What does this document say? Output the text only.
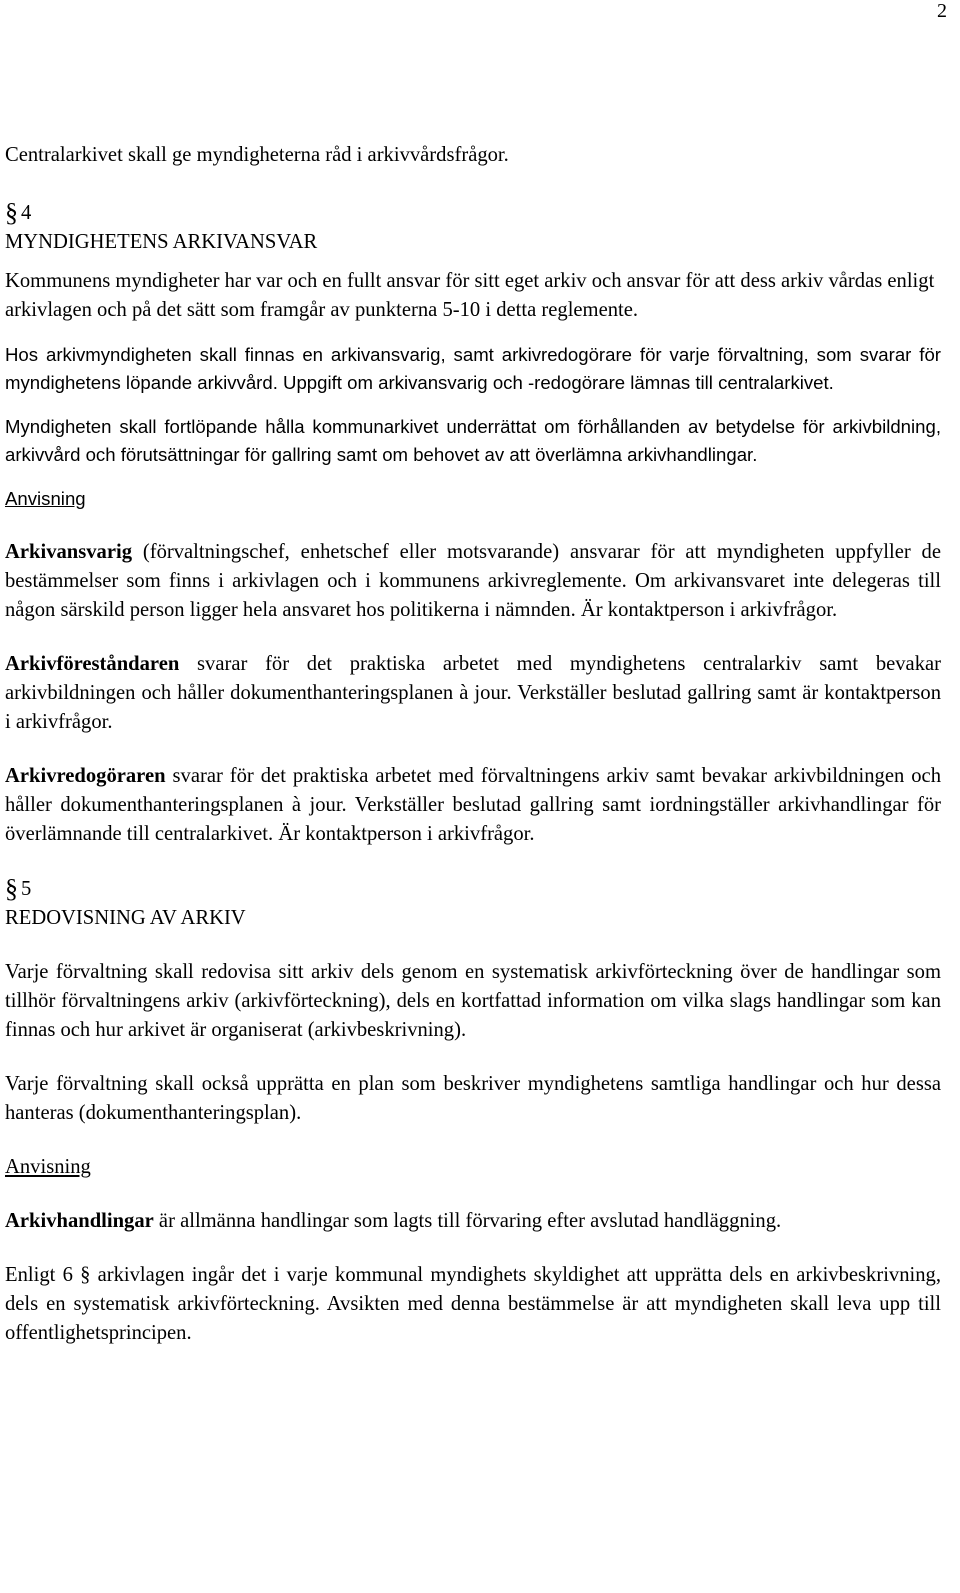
2

Centralarkivet skall ge myndigheterna råd i arkivvårdsfrågor.

§ 4
MYNDIGHETENS ARKIVANSVAR

Kommunens myndigheter har var och en fullt ansvar för sitt eget arkiv och ansvar för att dess arkiv vårdas enligt arkivlagen och på det sätt som framgår av punkterna 5-10 i detta reglemente.

Hos arkivmyndigheten skall finnas en arkivansvarig, samt arkivredogörare för varje förvaltning, som svarar för myndighetens löpande arkivvård. Uppgift om arkivansvarig och -redogörare lämnas till centralarkivet.

Myndigheten skall fortlöpande hålla kommunarkivet underrättat om förhållanden av betydelse för arkivbildning, arkivvård och förutsättningar för gallring samt om behovet av att överlämna arkivhandlingar.

Anvisning

Arkivansvarig (förvaltningschef, enhetschef eller motsvarande) ansvarar för att myndigheten uppfyller de bestämmelser som finns i arkivlagen och i kommunens arkivreglemente. Om arkivansvaret inte delegeras till någon särskild person ligger hela ansvaret hos politikerna i nämnden. Är kontaktperson i arkivfrågor.

Arkivföreståndaren svarar för det praktiska arbetet med myndighetens centralarkiv samt bevakar arkivbildningen och håller dokumenthanteringsplanen à jour. Verkställer beslutad gallring samt är kontaktperson i arkivfrågor.

Arkivredogöraren svarar för det praktiska arbetet med förvaltningens arkiv samt bevakar arkivbildningen och håller dokumenthanteringsplanen à jour. Verkställer beslutad gallring samt iordningställer arkivhandlingar för överlämnande till centralarkivet. Är kontaktperson i arkivfrågor.

§ 5
REDOVISNING AV ARKIV

Varje förvaltning skall redovisa sitt arkiv dels genom en systematisk arkivförteckning över de handlingar som tillhör förvaltningens arkiv (arkivförteckning), dels en kortfattad information om vilka slags handlingar som kan finnas och hur arkivet är organiserat (arkivbeskrivning).

Varje förvaltning skall också upprätta en plan som beskriver myndighetens samtliga handlingar och hur dessa hanteras (dokumenthanteringsplan).

Anvisning

Arkivhandlingar är allmänna handlingar som lagts till förvaring efter avslutad handläggning.

Enligt 6 § arkivlagen ingår det i varje kommunal myndighets skyldighet att upprätta dels en arkivbeskrivning, dels en systematisk arkivförteckning. Avsikten med denna bestämmelse är att myndigheten skall leva upp till offentlighetsprincipen.
